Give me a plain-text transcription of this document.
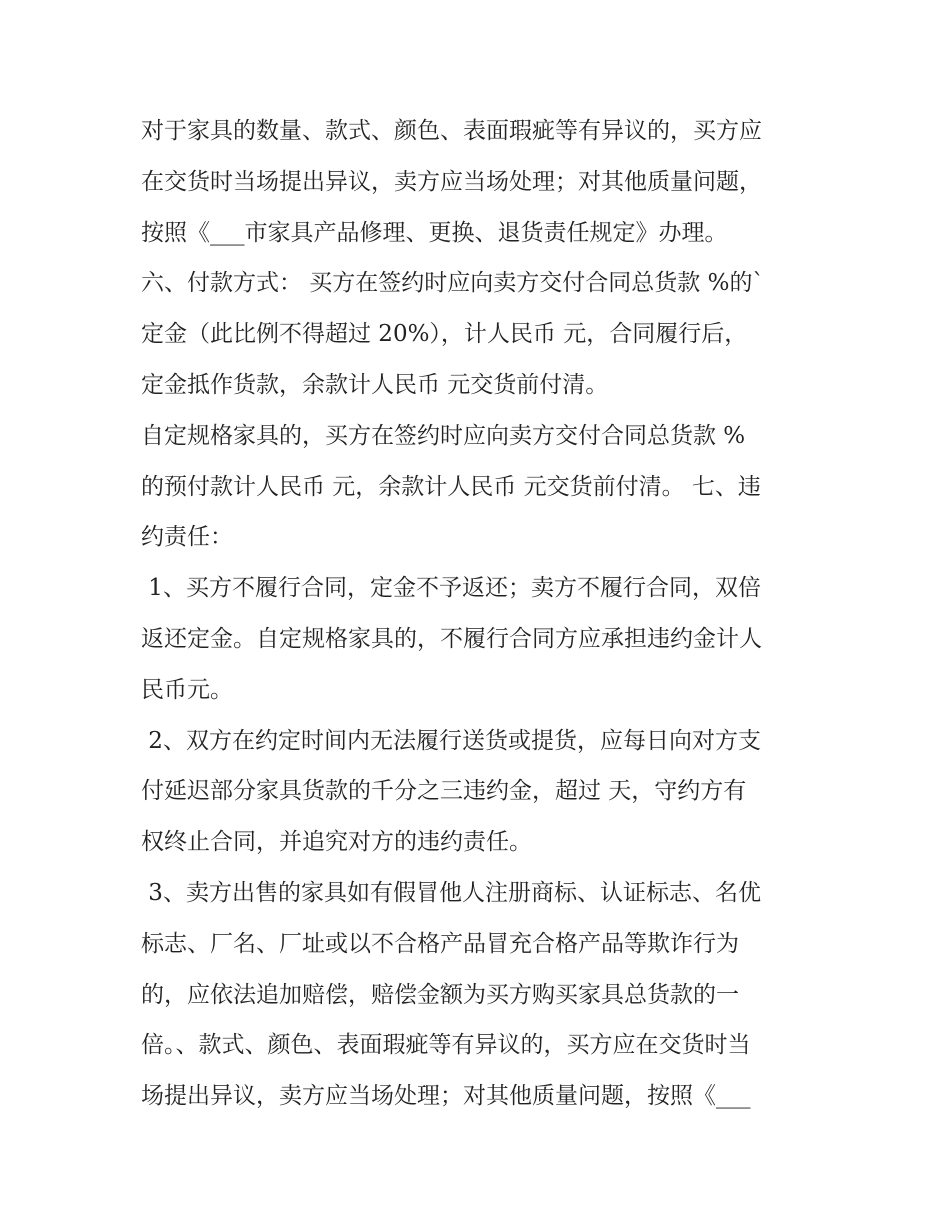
对于家具的数量、款式、颜色、表面瑕疵等有异议的，买方应
在交货时当场提出异议，卖方应当场处理；对其他质量问题，
按照《___市家具产品修理、更换、退货责任规定》办理。
六、付款方式： 买方在签约时应向卖方交付合同总货款 %的`
定金（此比例不得超过 20%），计人民币 元，合同履行后，
定金抵作货款，余款计人民币 元交货前付清。
自定规格家具的，买方在签约时应向卖方交付合同总货款 %
的预付款计人民币 元，余款计人民币 元交货前付清。 七、违
约责任：
1、买方不履行合同，定金不予返还；卖方不履行合同，双倍
返还定金。自定规格家具的，不履行合同方应承担违约金计人
民币元。
2、双方在约定时间内无法履行送货或提货，应每日向对方支
付延迟部分家具货款的千分之三违约金，超过 天，守约方有
权终止合同，并追究对方的违约责任。
3、卖方出售的家具如有假冒他人注册商标、认证标志、名优
标志、厂名、厂址或以不合格产品冒充合格产品等欺诈行为
的，应依法追加赔偿，赔偿金额为买方购买家具总货款的一
倍。、款式、颜色、表面瑕疵等有异议的，买方应在交货时当
场提出异议，卖方应当场处理；对其他质量问题，按照《___
